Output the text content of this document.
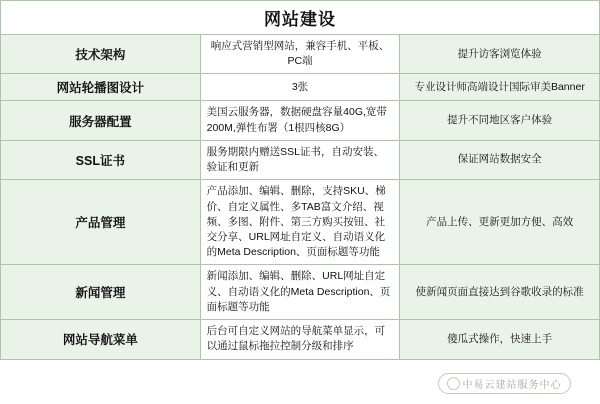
网站建设		
技术架构	响应式营销型网站，兼容手机、平板、PC端	提升访客浏览体验
网站轮播图设计	3张	专业设计师高端设计国际审美Banner
服务器配置	美国云服务器，数据硬盘容量40G,宽带200M,弹性布署（1根四核8G）	提升不同地区客户体验
SSL证书	服务期限内赠送SSL证书，自动安装、验证和更新	保证网站数据安全
产品管理	产品添加、编辑、删除，支持SKU、梯价、自定义属性、多TAB富文介绍、视频、多图、附件、第三方购买按钮、社交分享、URL网址自定义、自动语义化的Meta Description、页面标题等功能	产品上传、更新更加方便、高效
新闻管理	新闻添加、编辑、删除、URL网址自定义、自动语义化的Meta Description、页面标题等功能	使新闻页面直接达到谷歌收录的标准
网站导航菜单	后台可自定义网站的导航菜单显示，可以通过鼠标拖拉控制分级和排序	傻瓜式操作，快速上手
中易云建站服务中心
